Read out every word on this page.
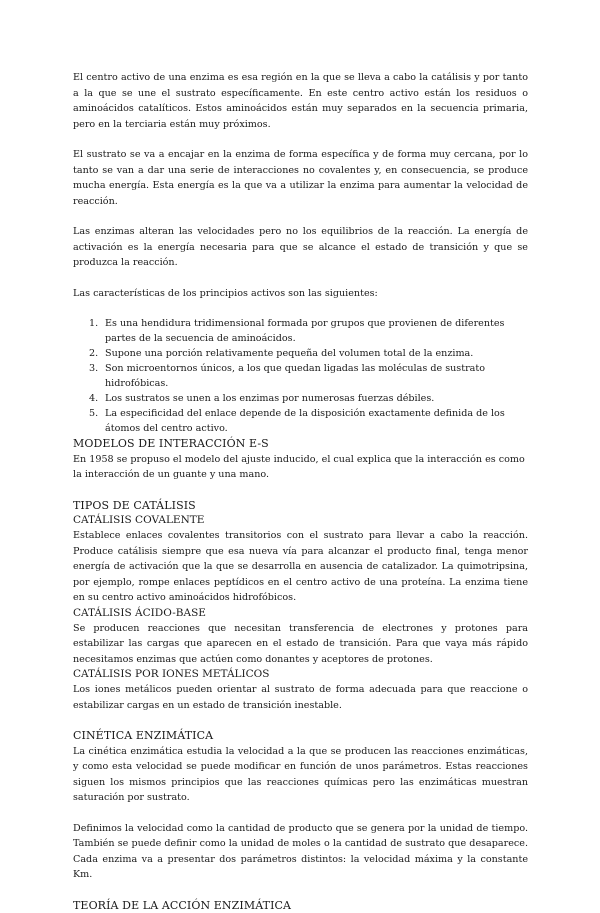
El centro activo de una enzima es esa región en la que se lleva a cabo la catálisis y por tanto a la que se une el sustrato específicamente. En este centro activo están los residuos o aminoácidos catalíticos. Estos aminoácidos están muy separados en la secuencia primaria, pero en la terciaria están muy próximos.

El sustrato se va a encajar en la enzima de forma específica y de forma muy cercana, por lo tanto se van a dar una serie de interacciones no covalentes y, en consecuencia, se produce mucha energía. Esta energía es la que va a utilizar la enzima para aumentar la velocidad de reacción.

Las enzimas alteran las velocidades pero no los equilibrios de la reacción. La energía de activación es la energía necesaria para que se alcance el estado de transición y que se produzca la reacción.

Las características de los principios activos son las siguientes:

1. Es una hendidura tridimensional formada por grupos que provienen de diferentes partes de la secuencia de aminoácidos.
2. Supone una porción relativamente pequeña del volumen total de la enzima.
3. Son microentornos únicos, a los que quedan ligadas las moléculas de sustrato hidrofóbicas.
4. Los sustratos se unen a los enzimas por numerosas fuerzas débiles.
5. La especificidad del enlace depende de la disposición exactamente definida de los átomos del centro activo.
MODELOS DE INTERACCIÓN E-S

En 1958 se propuso el modelo del ajuste inducido, el cual explica que la interacción es como la interacción de un guante y una mano.

TIPOS DE CATÁLISIS
CATÁLISIS COVALENTE

Establece enlaces covalentes transitorios con el sustrato para llevar a cabo la reacción. Produce catálisis siempre que esa nueva vía para alcanzar el producto final, tenga menor energía de activación que la que se desarrolla en ausencia de catalizador. La quimotripsina, por ejemplo, rompe enlaces peptídicos en el centro activo de una proteína. La enzima tiene en su centro activo aminoácidos hidrofóbicos.

CATÁLISIS ÁCIDO-BASE

Se producen reacciones que necesitan transferencia de electrones y protones para estabilizar las cargas que aparecen en el estado de transición. Para que vaya más rápido necesitamos enzimas que actúen como donantes y aceptores de protones.

CATÁLISIS POR IONES METÁLICOS

Los iones metálicos pueden orientar al sustrato de forma adecuada para que reaccione o estabilizar cargas en un estado de transición inestable.

CINÉTICA ENZIMÁTICA

La cinética enzimática estudia la velocidad a la que se producen las reacciones enzimáticas, y como esta velocidad se puede modificar en función de unos parámetros. Estas reacciones siguen los mismos principios que las reacciones químicas pero las enzimáticas muestran saturación por sustrato.

Definimos la velocidad como la cantidad de producto que se genera por la unidad de tiempo. También se puede definir como la unidad de moles o la cantidad de sustrato que desaparece. Cada enzima va a presentar dos parámetros distintos: la velocidad máxima y la constante Km.

TEORÍA DE LA ACCIÓN ENZIMÁTICA
